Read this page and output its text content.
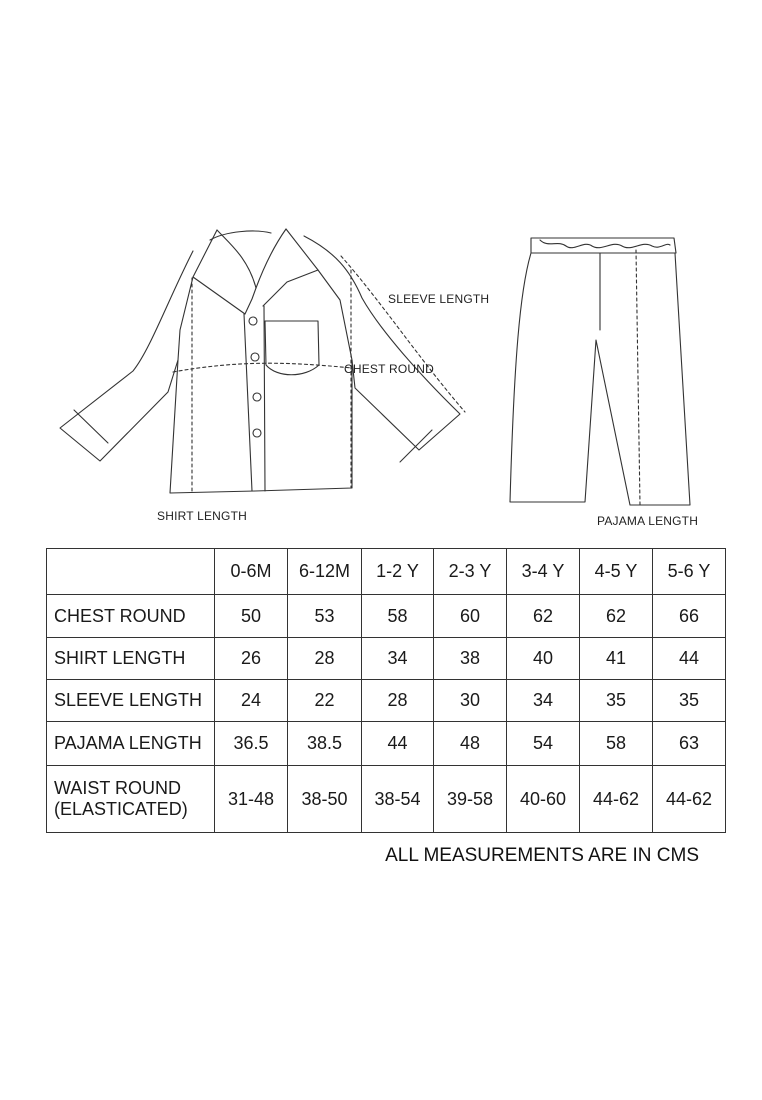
SLEEVE LENGTH
CHEST ROUND
SHIRT LENGTH	PAJAMA LENGTH
	0-6M	6-12M	1-2 Y	2-3 Y	3-4 Y	4-5 Y	5-6 Y
CHEST ROUND	50	53	58	60	62	62	66
SHIRT LENGTH	26	28	34	38	40	41	44
SLEEVE LENGTH	24	22	28	30	34	35	35
PAJAMA LENGTH	36.5	38.5	44	48	54	58	63

WAIST ROUND
(ELASTICATED)	31-48	38-50	38-54	39-58	40-60	44-62	44-62
ALL MEASUREMENTS ARE IN CMS
